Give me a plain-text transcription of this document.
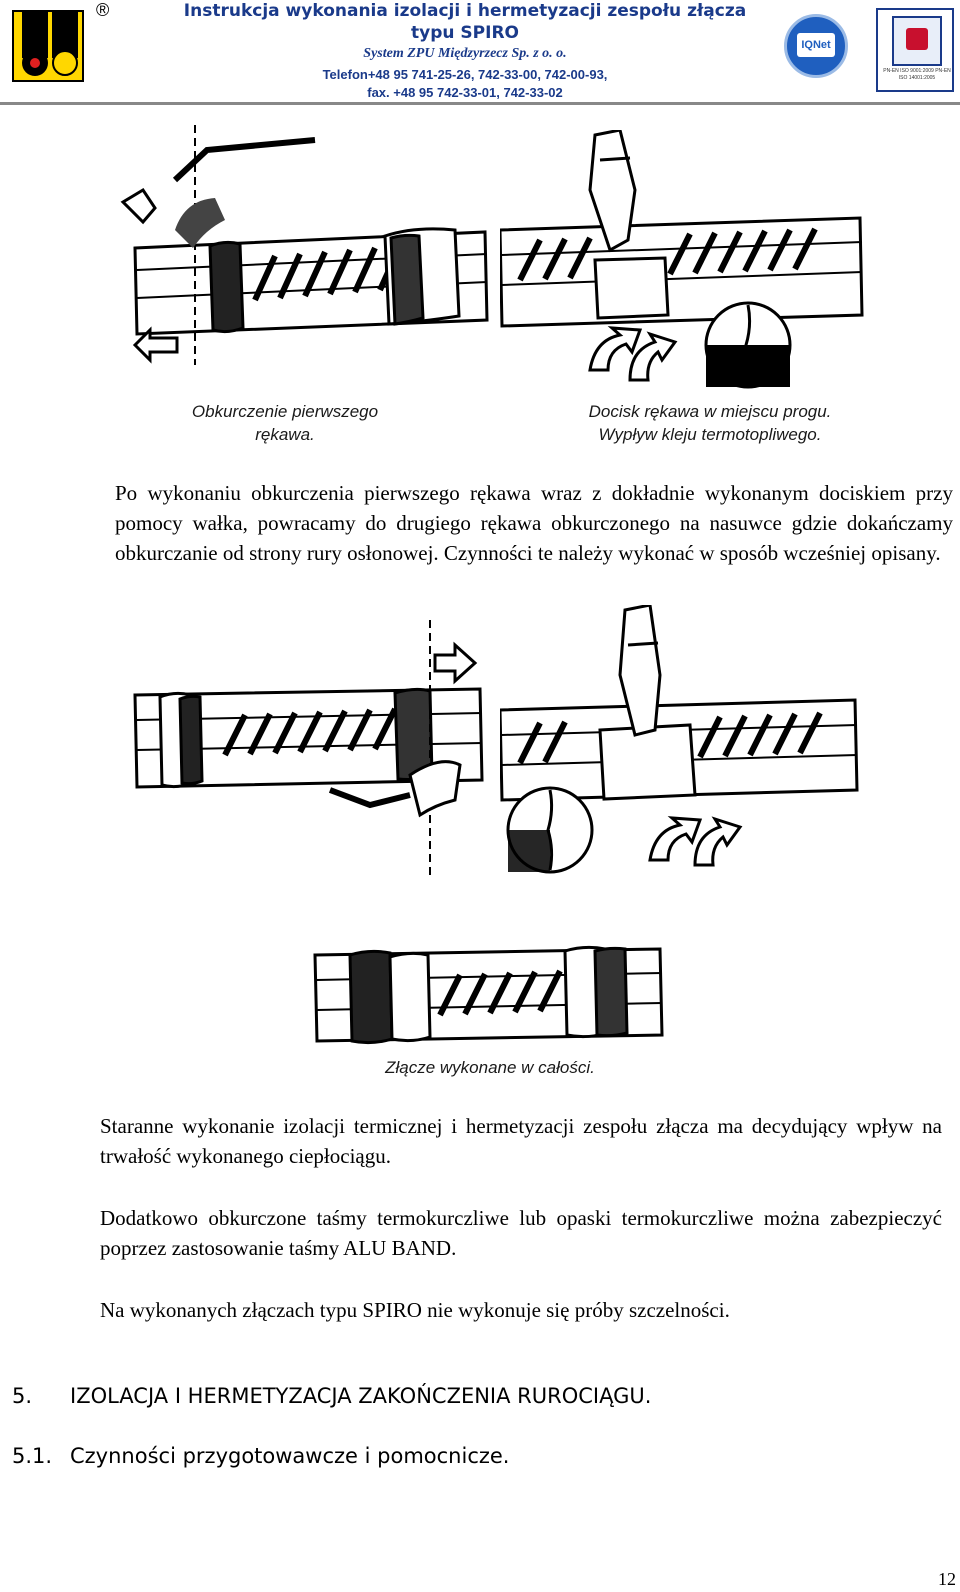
®	Instrukcja wykonania izolacji i hermetyzacji zespołu złącza
typu SPIRO
System ZPU Międzyrzecz Sp. z o. o.
Telefon+48 95 741-25-26, 742-33-00, 742-00-93,
fax. +48 95 742-33-01, 742-33-02
IQNet
PN-EN ISO 9001:2009 PN-EN ISO 14001:2005
Obkurczenie pierwszego
rękawa.
Docisk rękawa w miejscu progu.
Wypływ kleju termotopliwego.
Po wykonaniu obkurczenia pierwszego rękawa wraz z dokładnie wykonanym dociskiem przy pomocy wałka, powracamy do drugiego rękawa obkurczonego na nasuwce gdzie dokańczamy obkurczanie od strony rury osłonowej. Czynności te należy wykonać w sposób wcześniej opisany.
Złącze wykonane w całości.
Staranne wykonanie izolacji termicznej i hermetyzacji zespołu złącza ma decydujący wpływ na trwałość wykonanego ciepłociągu.
Dodatkowo obkurczone taśmy termokurczliwe lub opaski termokurczliwe można zabezpieczyć poprzez zastosowanie taśmy ALU BAND.
Na wykonanych złączach typu SPIRO nie wykonuje się próby szczelności.
5. IZOLACJA I HERMETYZACJA ZAKOŃCZENIA RUROCIĄGU.
5.1. Czynności przygotowawcze i pomocnicze.
12
